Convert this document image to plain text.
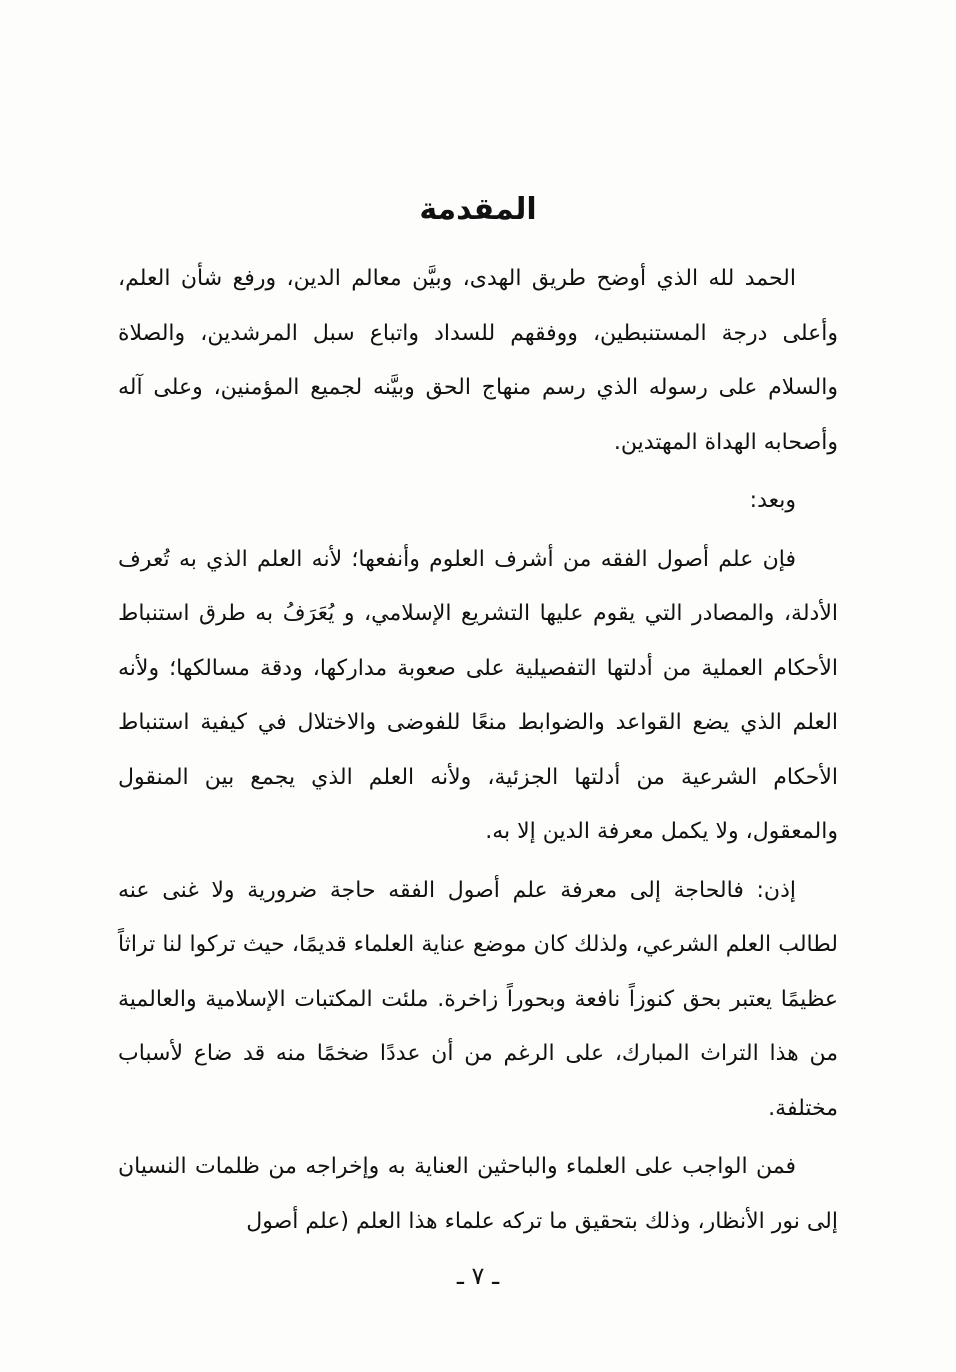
المقدمة

الحمد لله الذي أوضح طريق الهدى، وبيَّن معالم الدين، ورفع شأن العلم، وأعلى درجة المستنبطين، ووفقهم للسداد واتباع سبل المرشدين، والصلاة والسلام على رسوله الذي رسم منهاج الحق وبيَّنه لجميع المؤمنين، وعلى آله وأصحابه الهداة المهتدين.

وبعد:

فإن علم أصول الفقه من أشرف العلوم وأنفعها؛ لأنه العلم الذي به تُعرف الأدلة، والمصادر التي يقوم عليها التشريع الإسلامي، و يُعَرَفُ به طرق استنباط الأحكام العملية من أدلتها التفصيلية على صعوبة مداركها، ودقة مسالكها؛ ولأنه العلم الذي يضع القواعد والضوابط منعًا للفوضى والاختلال في كيفية استنباط الأحكام الشرعية من أدلتها الجزئية، ولأنه العلم الذي يجمع بين المنقول والمعقول، ولا يكمل معرفة الدين إلا به.

إذن: فالحاجة إلى معرفة علم أصول الفقه حاجة ضرورية ولا غنى عنه لطالب العلم الشرعي، ولذلك كان موضع عناية العلماء قديمًا، حيث تركوا لنا تراثاً عظيمًا يعتبر بحق كنوزاً نافعة وبحوراً زاخرة. ملئت المكتبات الإسلامية والعالمية من هذا التراث المبارك، على الرغم من أن عددًا ضخمًا منه قد ضاع لأسباب مختلفة.

فمن الواجب على العلماء والباحثين العناية به وإخراجه من ظلمات النسيان إلى نور الأنظار، وذلك بتحقيق ما تركه علماء هذا العلم (علم أصول

ـ ٧ ـ
